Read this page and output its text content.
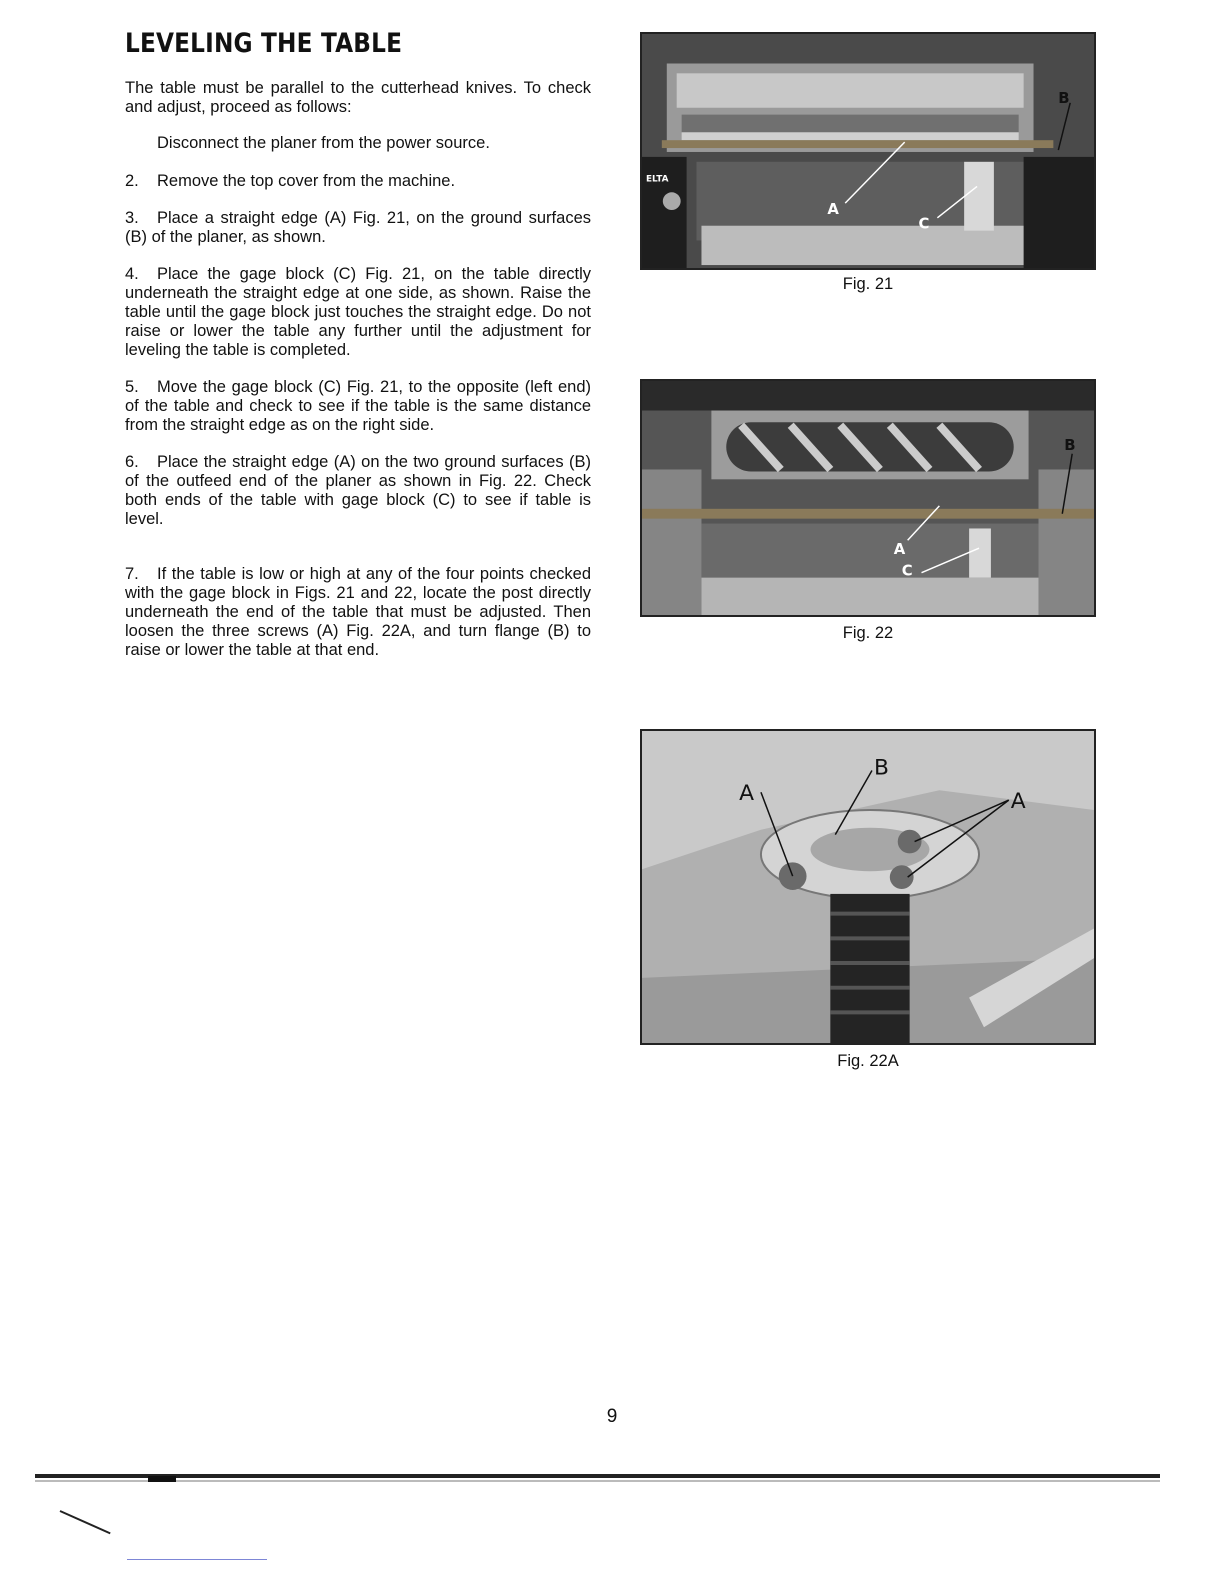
LEVELING THE TABLE
The table must be parallel to the cutterhead knives. To check and adjust, proceed as follows:
Disconnect the planer from the power source.
2. Remove the top cover from the machine.
3. Place a straight edge (A) Fig. 21, on the ground surfaces (B) of the planer, as shown.
4. Place the gage block (C) Fig. 21, on the table directly underneath the straight edge at one side, as shown. Raise the table until the gage block just touches the straight edge. Do not raise or lower the table any further until the adjustment for leveling the table is completed.
5. Move the gage block (C) Fig. 21, to the opposite (left end) of the table and check to see if the table is the same distance from the straight edge as on the right side.
6. Place the straight edge (A) on the two ground surfaces (B) of the outfeed end of the planer as shown in Fig. 22. Check both ends of the table with gage block (C) to see if table is level.
7. If the table is low or high at any of the four points checked with the gage block in Figs. 21 and 22, locate the post directly underneath the end of the table that must be adjusted. Then loosen the three screws (A) Fig. 22A, and turn flange (B) to raise or lower the table at that end.
ELTA
A
C
B
Fig. 21
A
C
B
Fig. 22
A
B
A
Fig. 22A
9
